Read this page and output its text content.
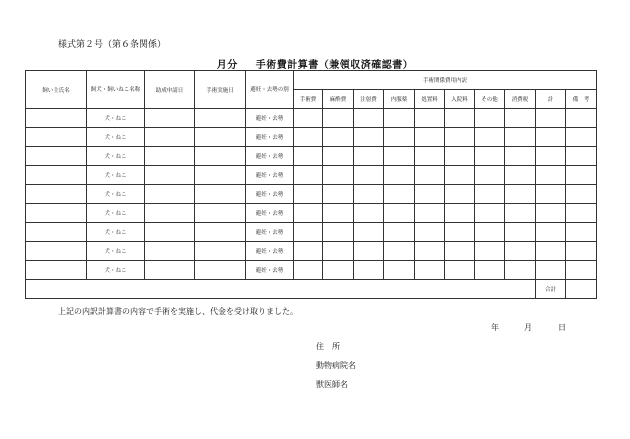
様式第２号（第６条関係）
月分 手術費計算書（兼領収済確認書）
飼い主氏名	飼犬・飼いねこ名称	助成申請日	手術実施日	避妊・去勢の別	手術関係費用内訳									
					手術費	麻酔費	注射費	内服薬	処置料	入院料	その他	消費税	計	備　考

	犬・ねこ			避妊・去勢										

	犬・ねこ			避妊・去勢										

	犬・ねこ			避妊・去勢										

	犬・ねこ			避妊・去勢										

	犬・ねこ			避妊・去勢										

	犬・ねこ			避妊・去勢										

	犬・ねこ			避妊・去勢										

	犬・ねこ			避妊・去勢										

	犬・ねこ			避妊・去勢										
													合計	
上記の内訳計算書の内容で手術を実施し、代金を受け取りました。
年	月	日
住　所
動物病院名
獣医師名
